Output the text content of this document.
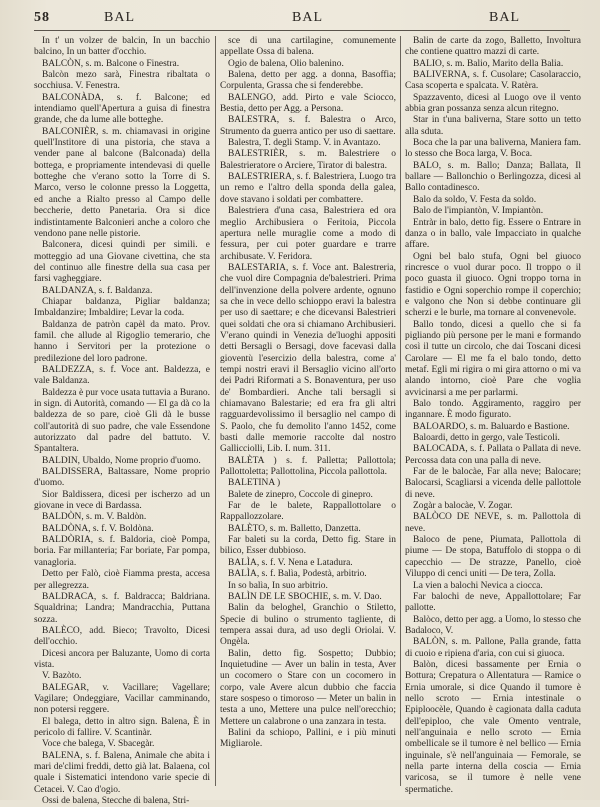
58	BAL	BAL	BAL

In t' un volzer de balcin, In un bacchio balcino, In un batter d'occhio.

BALCÒN, s. m. Balcone o Finestra.

Balcòn mezo sarà, Finestra ribaltata o socchiusa. V. Fenestra.

BALCONÀDA, s. f. Balcone; ed intendiamo quell'Apertura a guisa di finestra grande, che da lume alle botteghe.

BALCONIÈR, s. m. chiamavasi in origine quell'Institore di una pistoria, che stava a vender pane al balcone (Balconada) della bottega, e propriamente intendevasi di quelle botteghe che v'erano sotto la Torre di S. Marco, verso le colonne presso la Loggetta, ed anche a Rialto presso al Campo delle beccherie, detto Panetaria. Ora si dice indistintamente Balconieri anche a coloro che vendono pane nelle pistorie.

Balconera, dicesi quindi per simili. e motteggio ad una Giovane civettina, che sta del continuo alle finestre della sua casa per farsi vagheggiare.

BALDANZA, s. f. Baldanza.

Chiapar baldanza, Pigliar baldanza; Imbaldanzire; Imbaldire; Levar la coda.

Baldanza de patròn capèl da mato. Prov. famil. che allude al Rigoglio temerario, che hanno i Servitori per la protezione o predilezione del loro padrone.

BALDEZZA, s. f. Voce ant. Baldezza, e vale Baldanza.

Baldezza è pur voce usata tuttavia a Burano. in sign. di Autorità, comando — El ga dà co la baldezza de so pare, cioè Gli dà le busse coll'autorità di suo padre, che vale Essendone autorizzato dal padre del battuto. V. Spantaltera.

BALDIN, Ubaldo, Nome proprio d'uomo.

BALDISSERA, Baltassare, Nome proprio d'uomo.

Sior Baldissera, dicesi per ischerzo ad un giovane in vece di Bardassa.

BALDÒN, s. m. V. Baldòn.

BALDÒNA, s. f. V. Boldòna.

BALDÒRIA, s. f. Baldoria, cioè Pompa, boria. Far millanteria; Far boriate, Far pompa, vanagloria.

Detto per Falò, cioè Fiamma presta, accesa per allegrezza.

BALDRACA, s. f. Baldracca; Baldriana. Squaldrina; Landra; Mandracchia, Puttana sozza.

BALÈCO, add. Bieco; Travolto, Dicesi dell'occhio.

Dicesi ancora per Baluzante, Uomo di corta vista.

V. Bazòto.

BALEGAR, v. Vacillare; Vagellare; Vagilare; Ondeggiare, Vacillar camminando, non potersi reggere.

El balega, detto in altro sign. Balena, È in pericolo di fallire. V. Scantinàr.

Voce che balega, V. Sbacegàr.

BALENA, s. f. Balena, Animale che abita i mari de'climi freddi, detto già lat. Balaena, col quale i Sistematici intendono varie specie di Cetacei. V. Cao d'ogio.

Ossi de balena, Stecche di balena, Stri-

sce di una cartilagine, comunemente appellate Ossa di balena.

Ogio de balena, Olio balenino.

Balena, detto per agg. a donna, Basoffia; Corpulenta, Grassa che si fenderebbe.

BALENGO, add. Pirto e vale Sciocco, Bestia, detto per Agg. a Persona.

BALESTRA, s. f. Balestra o Arco, Strumento da guerra antico per uso di saettare.

Balestra, T. degli Stamp. V. in Avantazo.

BALESTRIÈR, s. m. Balestriere o Balestrieratore o Arciere, Tirator di balestra.

BALESTRIERA, s. f. Balestriera, Luogo tra un remo e l'altro della sponda della galea, dove stavano i soldati per combattere.

Balestriera d'una casa, Balestriera ed ora meglio Archibusiera o Feritoia, Piccola apertura nelle muraglie come a modo di fessura, per cui poter guardare e trarre archibusate. V. Feridora.

BALESTARIA, s. f. Voce ant. Balestreria, che vuol dire Compagnia de'balestrieri. Prima dell'invenzione della polvere ardente, ognuno sa che in vece dello schioppo eravi la balestra per uso di saettare; e che dicevansi Balestrieri quei soldati che ora si chiamano Archibusieri. V'erano quindi in Venezia de'luoghi appositi detti Bersagli o Bersagi, dove facevasi dalla gioventù l'esercizio della balestra, come a' tempi nostri eravi il Bersaglio vicino all'orto dei Padri Riformati a S. Bonaventura, per uso de' Bombardieri. Anche tali bersagli si chiamavano Balestarie; ed era fra gli altri ragguardevolissimo il bersaglio nel campo di S. Paolo, che fu demolito l'anno 1452, come basti dalle memorie raccolte dal nostro Gallicciolli, Lib. I. num. 311.

BALÈTA ) s. f. Palletta; Pallottola; Pallottoletta; Pallottolina, Piccola pallottola.

BALETINA )

Balete de zinepro, Coccole di ginepro.

Far de le balete, Rappallottolare o Rappallozzolare.

BALÈTO, s. m. Balletto, Danzetta.

Far baleti su la corda, Detto fig. Stare in bilico, Esser dubbioso.

BALÌA, s. f. V. Nena e Latadura.

BALÌA, s. f. Balìa, Podestà, arbitrio.

In so balìa, In suo arbitrio.

BALÌN DE LE SBOCHIE, s. m. V. Dao.

Balin da beloghel, Granchio o Stiletto, Specie di bulino o strumento tagliente, di tempera assai dura, ad uso degli Oriolai. V. Ongèla.

Balin, detto fig. Sospetto; Dubbio; Inquietudine — Aver un balin in testa, Aver un cocomero o Stare con un cocomero in corpo, vale Avere alcun dubbio che faccia stare sospeso o timoroso — Meter un balin in testa a uno, Mettere una pulce nell'orecchio; Mettere un calabrone o una zanzara in testa.

Balini da schiopo, Pallini, e i più minuti Migliarole.

Balin de carte da zogo, Balletto, Involtura che contiene quattro mazzi di carte.

BALIO, s. m. Balio, Marito della Balia.

BALIVERNA, s. f. Cusolare; Casolaraccio, Casa scoperta e spalcata. V. Ratèra.

Spazzavento, dicesi al Luogo ove il vento abbia gran possanza senza alcun ritegno.

Star in t'una baliverna, Stare sotto un tetto alla sduta.

Boca che la par una baliverna, Maniera fam. lo stesso che Boca larga, V. Boca.

BALO, s. m. Ballo; Danza; Ballata, Il ballare — Ballonchio o Berlingozza, dicesi al Ballo contadinesco.

Balo da soldo, V. Festa da soldo.

Balo de l'impiantòn, V. Impiantòn.

Entràr in balo, detto fig. Essere o Entrare in danza o in ballo, vale Impacciato in qualche affare.

Ogni bel balo stufa, Ogni bel giuoco rincresce o vuol durar poco. Il troppo o il poco guasta il giuoco. Ogni troppo torna in fastidio e Ogni soperchio rompe il coperchio; e valgono che Non si debbe continuare gli scherzi e le burle, ma tornare al convenevole.

Ballo tondo, dicesi a quello che si fa pigliando più persone per le mani e formando così il tutte un circolo, che dai Toscani dicesi Carolare — El me fa el balo tondo, detto metaf. Egli mi rigira o mi gira attorno o mi va alando intorno, cioè Pare che voglia avvicinarsi a me per parlarmi.

Balo tondo. Aggiramento, raggiro per ingannare. È modo figurato.

BALOARDO, s. m. Baluardo e Bastione.

Baloardi, detto in gergo, vale Testicoli.

BALOCADA, s. f. Pallata o Pallata di neve. Percossa data con una palla di neve.

Far de le balocàe, Far alla neve; Balocare; Balocarsi, Scagliarsi a vicenda delle pallottole di neve.

Zogàr a balocàe, V. Zogar.

BALÒCO DE NEVE, s. m. Pallottola di neve.

Baloco de pene, Piumata, Pallottola di piume — De stopa, Batuffolo di stoppa o di capecchio — De strazze, Panello, cioè Viluppo di cenci uniti — De tera, Zolla.

La vien a balochi Nevica a ciocca.

Far balochi de neve, Appallottolare; Far pallotte.

Balòco, detto per agg. a Uomo, lo stesso che Badaloco, V.

BALÒN, s. m. Pallone, Palla grande, fatta di cuoio e ripiena d'aria, con cui si giuoca.

Balòn, dicesi bassamente per Ernia o Bottura; Crepatura o Allentatura — Ramice o Ernia umorale, si dice Quando il tumore è nello scroto — Ernia intestinale o Epiploocèle, Quando è cagionata dalla caduta dell'epiploo, che vale Omento ventrale, nell'anguinaia e nello scroto — Ernia ombellicale se il tumore è nel bellico — Ernia inguinale, s'è nell'anguinaia — Femorale, se nella parte interna della coscia — Ernia varicosa, se il tumore è nelle vene spermatiche.
